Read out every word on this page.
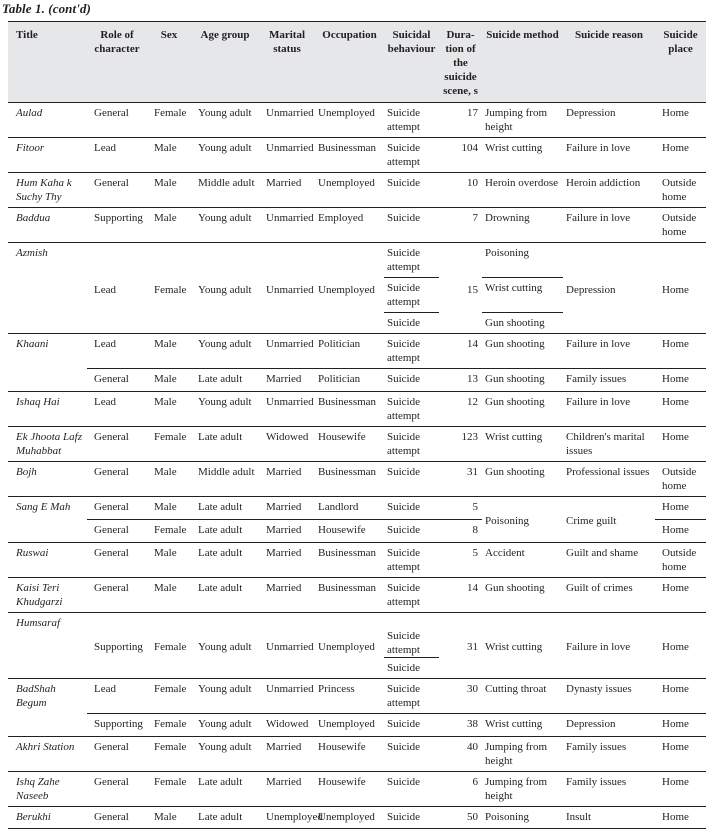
Table 1. (cont'd)
Title	Role of character	Sex	Age group	Marital status	Occupation	Suicidal behaviour	Dura- tion of the suicide scene, s	Suicide method	Suicide reason	Suicide place
Aulad	General	Female	Young adult	Unmarried	Unemployed	Suicide attempt	17	Jumping from height	Depression	Home
Fitoor	Lead	Male	Young adult	Unmarried	Businessman	Suicide attempt	104	Wrist cutting	Failure in love	Home
Hum Kaha k Suchy Thy	General	Male	Middle adult	Married	Unemployed	Suicide	10	Heroin overdose	Heroin addiction	Outside home
Baddua	Supporting	Male	Young adult	Unmarried	Employed	Suicide	7	Drowning	Failure in love	Outside home
Azmish	Lead	Female	Young adult	Unmarried	Unemployed	Suicide attempt	15	Poisoning	Depression	Home
						Suicide attempt		Wrist cutting		
						Suicide		Gun shooting		
Khaani	Lead	Male	Young adult	Unmarried	Politician	Suicide attempt	14	Gun shooting	Failure in love	Home
	General	Male	Late adult	Married	Politician	Suicide	13	Gun shooting	Family issues	Home
Ishaq Hai	Lead	Male	Young adult	Unmarried	Businessman	Suicide attempt	12	Gun shooting	Failure in love	Home
Ek Jhoota Lafz Muhabbat	General	Female	Late adult	Widowed	Housewife	Suicide attempt	123	Wrist cutting	Children's marital issues	Home
Bojh	General	Male	Middle adult	Married	Businessman	Suicide	31	Gun shooting	Professional issues	Outside home
Sang E Mah	General	Male	Late adult	Married	Landlord	Suicide	5	Poisoning	Crime guilt	Home
	General	Female	Late adult	Married	Housewife	Suicide	8			Home
Ruswai	General	Male	Late adult	Married	Businessman	Suicide attempt	5	Accident	Guilt and shame	Outside home
Kaisi Teri Khudgarzi	General	Male	Late adult	Married	Businessman	Suicide attempt	14	Gun shooting	Guilt of crimes	Home
Humsaraf	Supporting	Female	Young adult	Unmarried	Unemployed	Suicide attempt	31	Wrist cutting	Failure in love	Home
						Suicide				
BadShah Begum	Lead	Female	Young adult	Unmarried	Princess	Suicide attempt	30	Cutting throat	Dynasty issues	Home
	Supporting	Female	Young adult	Widowed	Unemployed	Suicide	38	Wrist cutting	Depression	Home
Akhri Station	General	Female	Young adult	Married	Housewife	Suicide	40	Jumping from height	Family issues	Home
Ishq Zahe Naseeb	General	Female	Late adult	Married	Housewife	Suicide	6	Jumping from height	Family issues	Home
Berukhi	General	Male	Late adult	Unemployed	Unemployed	Suicide	50	Poisoning	Insult	Home
